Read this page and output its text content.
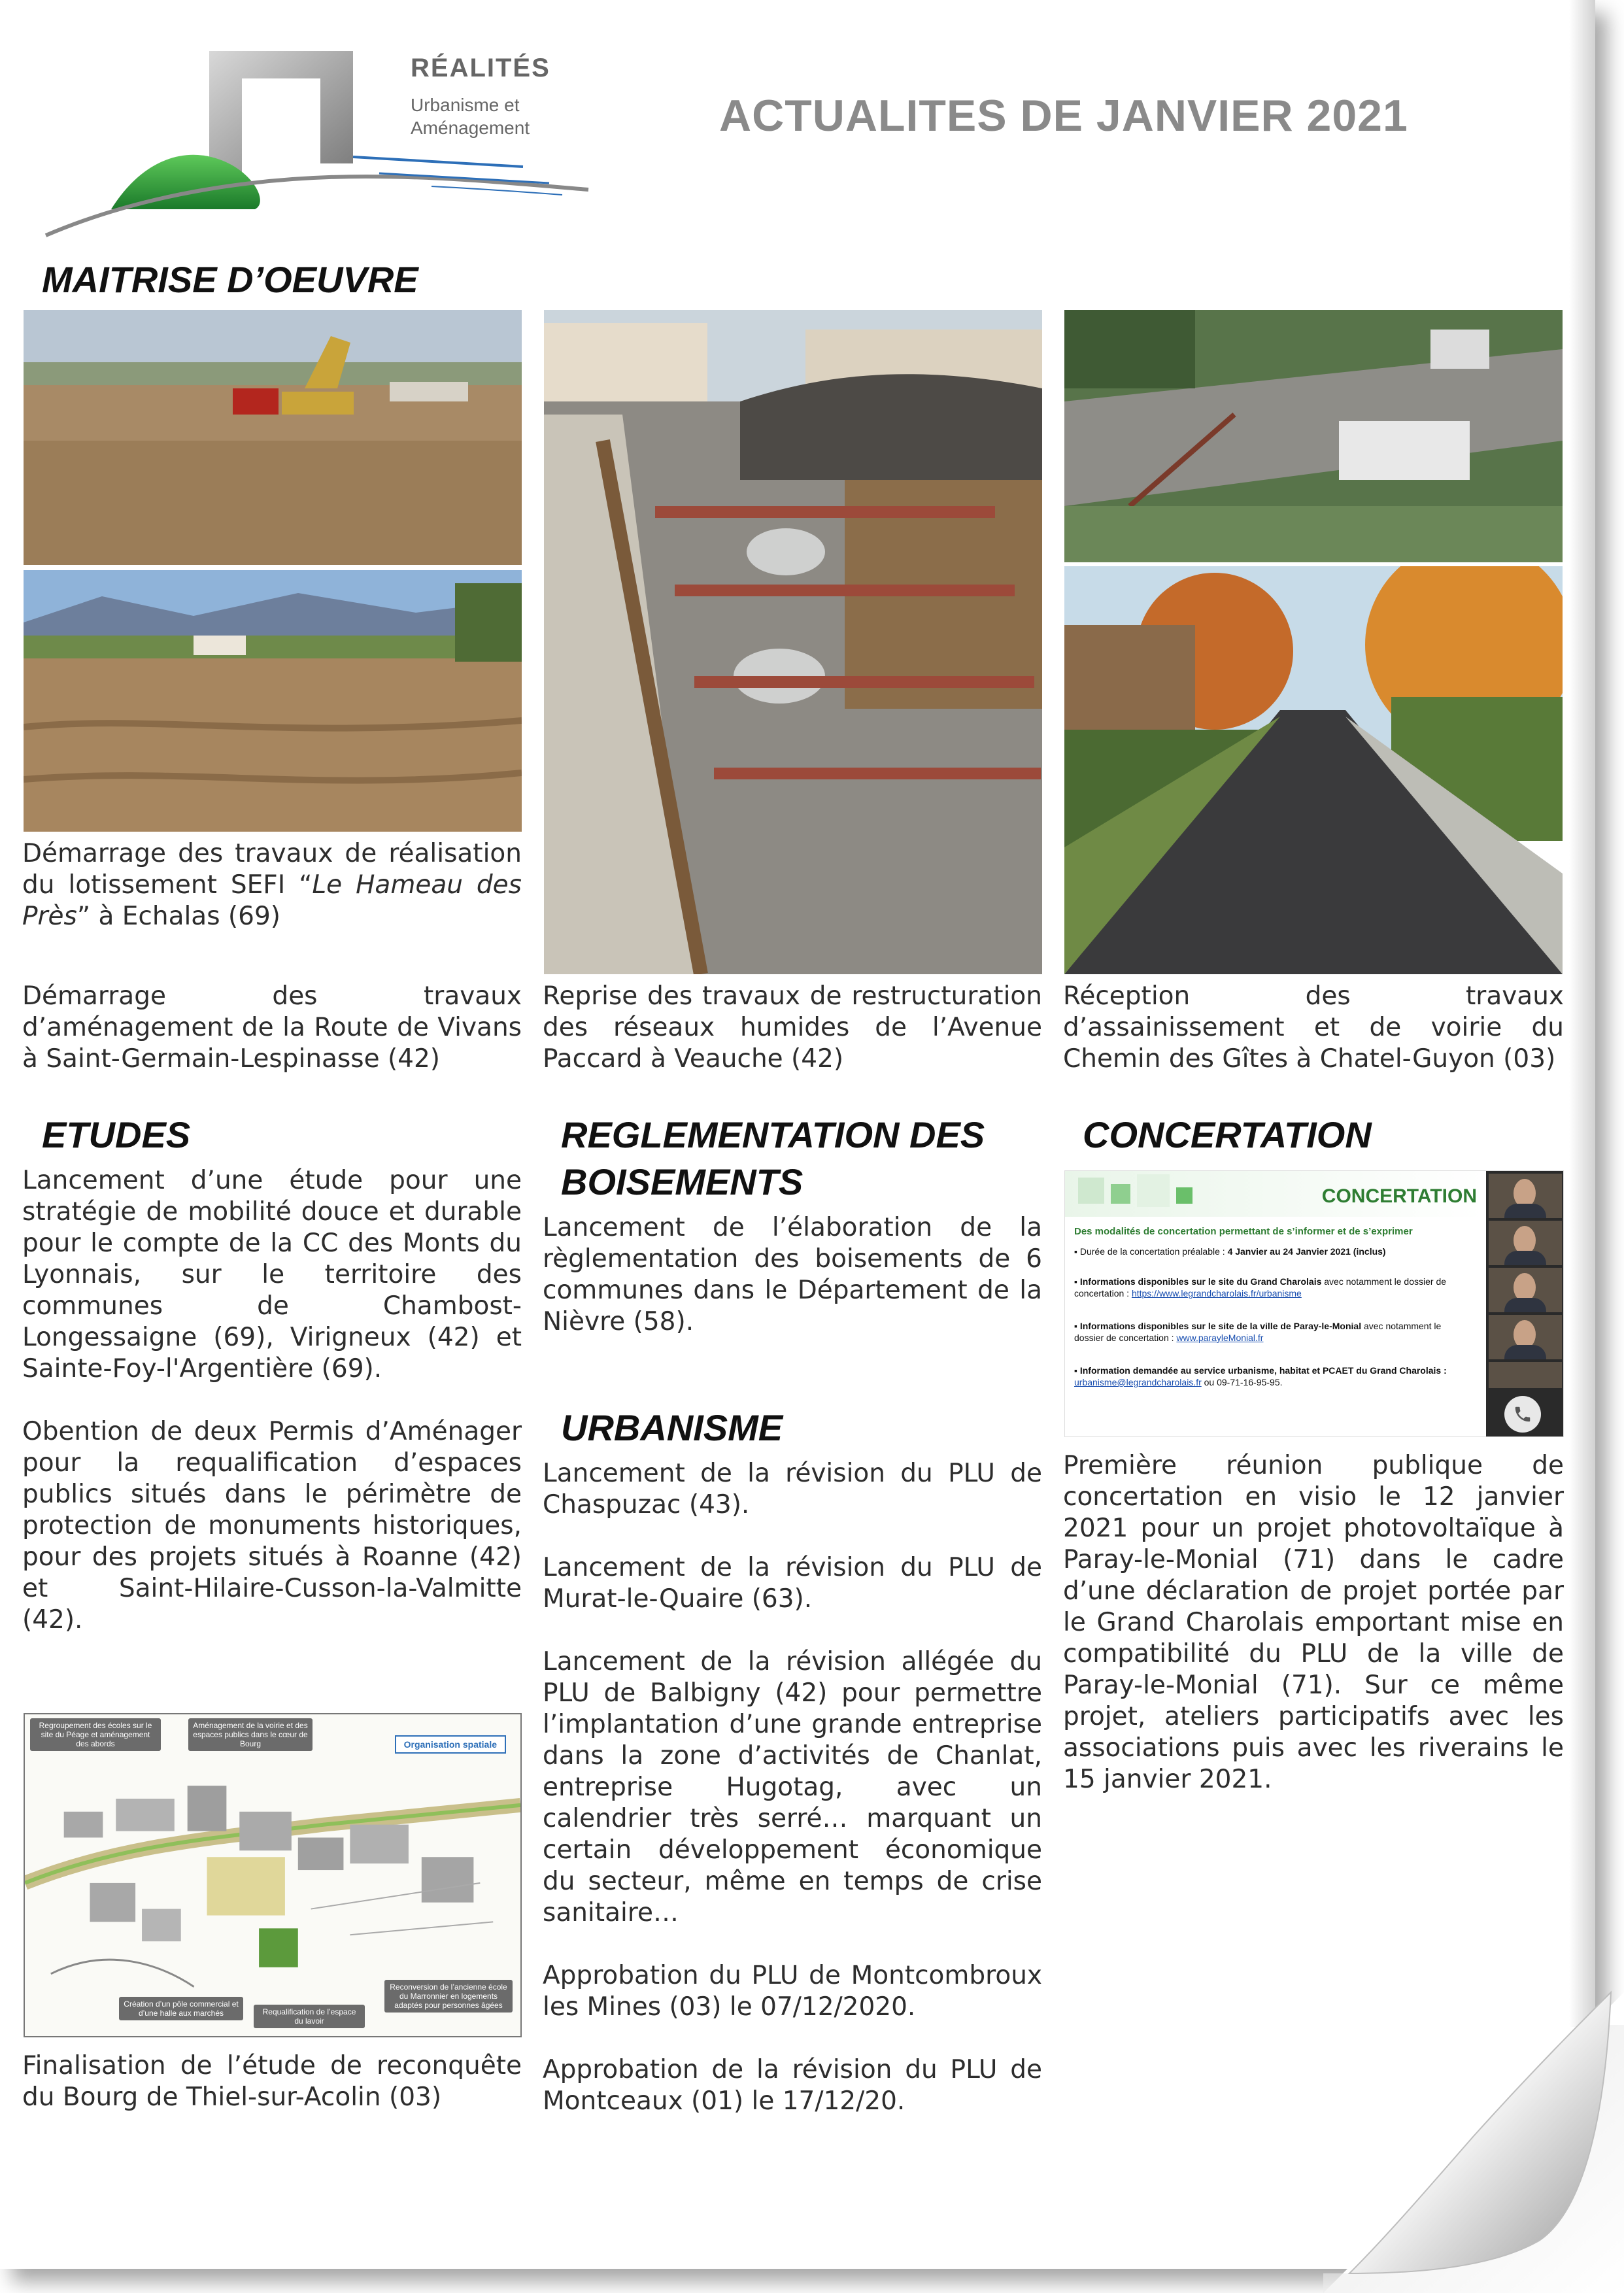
RÉALITÉS
Urbanisme et
Aménagement	ACTUALITES DE JANVIER 2021
MAITRISE D’OEUVRE
Démarrage des travaux de réalisation du lotissement SEFI “Le Hameau des Près” à Echalas (69)
Démarrage des travaux d’aménagement de la Route de Vivans à Saint-Germain-Lespinasse (42)
Reprise des travaux de restructuration des réseaux humides de l’Avenue Paccard à Veauche (42)
Réception des travaux d’assainissement et de voirie du Chemin des Gîtes à Chatel-Guyon (03)
ETUDES

Lancement d’une étude pour une stratégie de mobilité douce et durable pour le compte de la CC des Monts du Lyonnais, sur le territoire des communes de Chambost-Longessaigne (69), Virigneux (42) et Sainte-Foy-l'Argentière (69).

Obention de deux Permis d’Aménager pour la requalification d’espaces publics situés dans le périmètre de protection de monuments historiques, pour des projets situés à Roanne (42) et Saint-Hilaire-Cusson-la-Valmitte (42).

Regroupement des écoles sur le site du Péage et aménagement des abords
Aménagement de la voirie et des espaces publics dans le cœur de Bourg	Organisation spatiale
Création d’un pôle commercial et d’une halle aux marchés	Requalification de l’espace du lavoir
Reconversion de l’ancienne école du Marronnier en logements adaptés pour personnes âgées
Finalisation de l’étude de reconquête du Bourg de Thiel-sur-Acolin (03)
REGLEMENTATION DES
BOISEMENTS
Lancement de l’élaboration de la règlementation des boisements de 6 communes dans le Département de la Nièvre (58).
URBANISME

Lancement de la révision du PLU de Chaspuzac (43).

Lancement de la révision du PLU de Murat-le-Quaire (63).

Lancement de la révision allégée du PLU de Balbigny (42) pour permettre l’implantation d’une grande entreprise dans la zone d’activités de Chanlat, entreprise Hugotag, avec un calendrier très serré… marquant un certain développement économique du secteur, même en temps de crise sanitaire…

Approbation du PLU de Montcombroux les Mines (03) le 07/12/2020.

Approbation de la révision du PLU de Montceaux (01) le 17/12/20.

CONCERTATION
CONCERTATION
Des modalités de concertation permettant de s’informer et de s’exprimer
▪ Durée de la concertation préalable : 4 Janvier au 24 Janvier 2021 (inclus)
▪ Informations disponibles sur le site du Grand Charolais avec notamment le dossier de concertation : https://www.legrandcharolais.fr/urbanisme
▪ Informations disponibles sur le site de la ville de Paray-le-Monial avec notamment le dossier de concertation : www.parayleMonial.fr
▪ Information demandée au service urbanisme, habitat et PCAET du Grand Charolais : urbanisme@legrandcharolais.fr ou 09-71-16-95-95.
Première réunion publique de concertation en visio le 12 janvier 2021 pour un projet photovoltaïque à Paray-le-Monial (71) dans le cadre d’une déclaration de projet portée par le Grand Charolais emportant mise en compatibilité du PLU de la ville de Paray-le-Monial (71). Sur ce même projet, ateliers participatifs avec les associations puis avec les riverains le 15 janvier 2021.
